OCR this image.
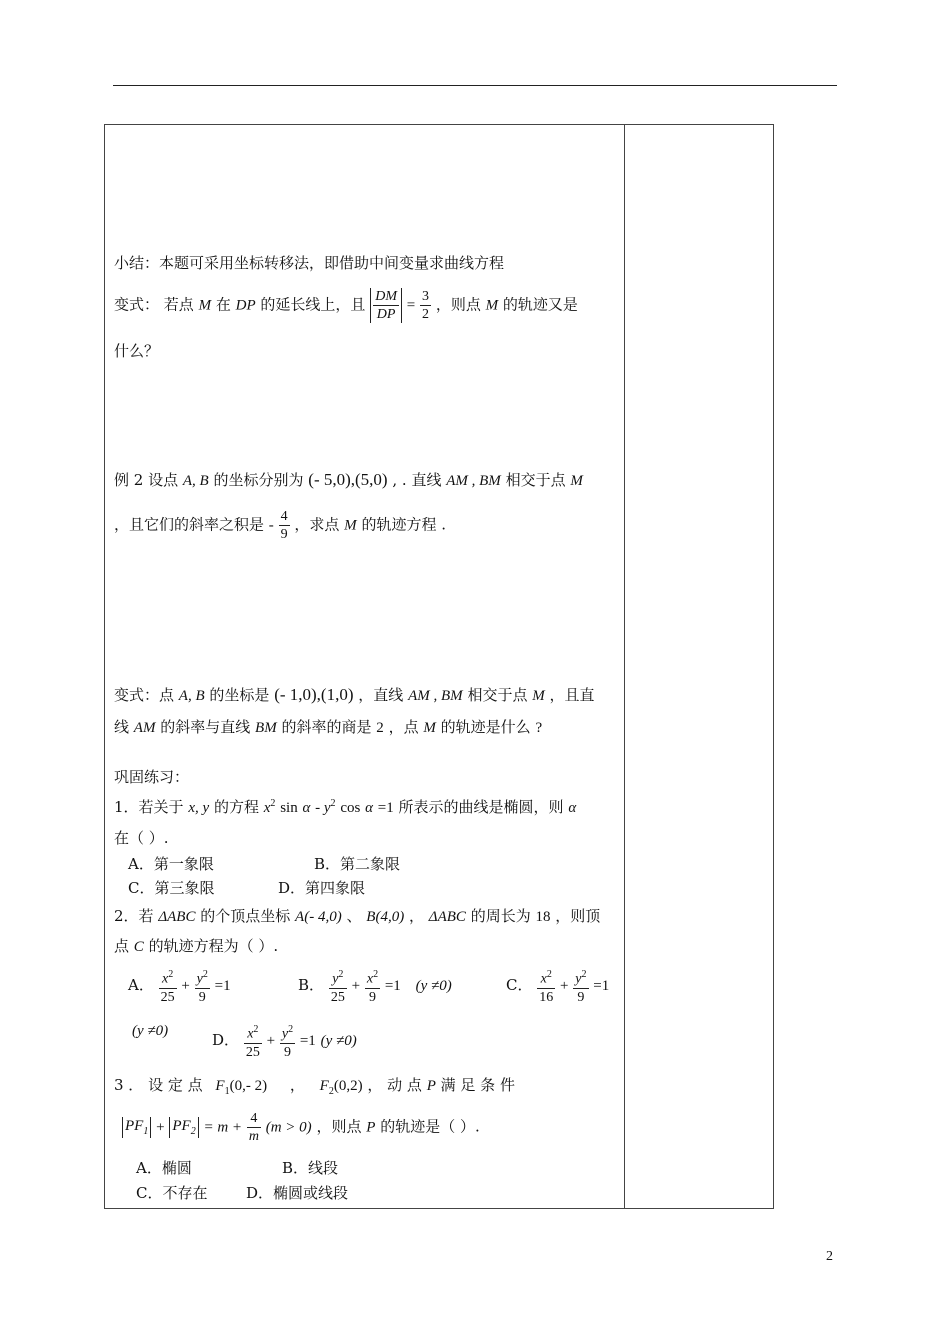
小结：本题可采用坐标转移法，即借助中间变量求曲线方程
变式： 若点 M 在 DP 的延长线上，且 $\frac{DM}{DP} = \frac{3}{2}$ ，则点 M 的轨迹又是
什么？
例 2 设点 A, B 的坐标分别为 (- 5,0),(5,0) , . 直线 AM , BM 相交于点 M
，且它们的斜率之积是 - $\frac{4}{9}$ ，求点 M 的轨迹方程 .
变式：点 A, B 的坐标是 (- 1,0),(1,0) ，直线 AM , BM 相交于点 M ，且直
线 AM 的斜率与直线 BM 的斜率的商是 2 ，点 M 的轨迹是什么 ?
巩固练习：
1．若关于 x, y 的方程 $x^2$ sin α - $y^2$ cos α =1 所表示的曲线是椭圆，则 α
在（ ）.
A．第一象限	B．第二象限
C．第三象限	D．第四象限
2．若 ΔABC 的个顶点坐标 A(- 4,0) 、 B(4,0) ， ΔABC 的周长为 18 ，则顶
点 C 的轨迹方程为（ ）.
A． $\frac{x^2}{25} + \frac{y^2}{9} =1$	B． $\frac{y^2}{25} + \frac{x^2}{9} =1$ (y ≠0)	C． $\frac{x^2}{16} + \frac{y^2}{9} =1$
(y ≠0)	D． $\frac{x^2}{25} + \frac{y^2}{9} =1$ (y ≠0)
3 ． 设 定 点 $F_1(0,-$ 2) ， $F_2(0,2)$ ， 动 点 P 满 足 条 件
$PF_1 + PF_2 = m + \frac{4}{m} (m > 0)$ ，则点 P 的轨迹是（ ）.
A．椭圆	B．线段
C．不存在	D．椭圆或线段
2
